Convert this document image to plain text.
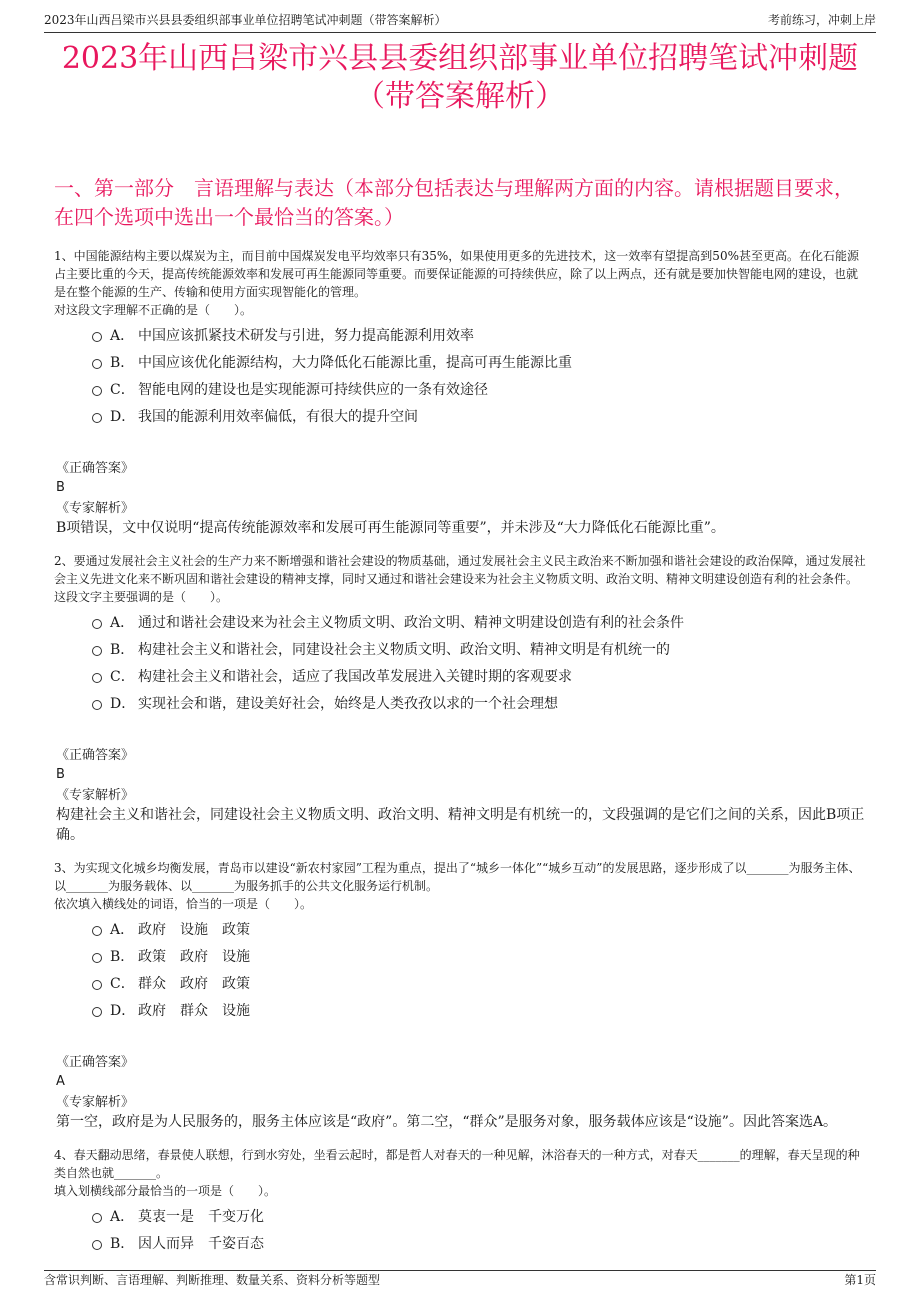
2023年山西吕梁市兴县县委组织部事业单位招聘笔试冲刺题（带答案解析）	考前练习，冲刺上岸
2023年山西吕梁市兴县县委组织部事业单位招聘笔试冲刺题（带答案解析）
一、第一部分　言语理解与表达（本部分包括表达与理解两方面的内容。请根据题目要求，在四个选项中选出一个最恰当的答案。）

1、中国能源结构主要以煤炭为主，而目前中国煤炭发电平均效率只有35%，如果使用更多的先进技术，这一效率有望提高到50%甚至更高。在化石能源占主要比重的今天，提高传统能源效率和发展可再生能源同等重要。而要保证能源的可持续供应，除了以上两点，还有就是要加快智能电网的建设，也就是在整个能源的生产、传输和使用方面实现智能化的管理。

对这段文字理解不正确的是（　　）。

A． 中国应该抓紧技术研发与引进，努力提高能源利用效率
B． 中国应该优化能源结构，大力降低化石能源比重，提高可再生能源比重
C． 智能电网的建设也是实现能源可持续供应的一条有效途径
D． 我国的能源利用效率偏低，有很大的提升空间

《正确答案》

B

《专家解析》

B项错误，文中仅说明“提高传统能源效率和发展可再生能源同等重要”，并未涉及“大力降低化石能源比重”。

2、要通过发展社会主义社会的生产力来不断增强和谐社会建设的物质基础，通过发展社会主义民主政治来不断加强和谐社会建设的政治保障，通过发展社会主义先进文化来不断巩固和谐社会建设的精神支撑，同时又通过和谐社会建设来为社会主义物质文明、政治文明、精神文明建设创造有利的社会条件。

这段文字主要强调的是（　　）。

A． 通过和谐社会建设来为社会主义物质文明、政治文明、精神文明建设创造有利的社会条件
B． 构建社会主义和谐社会，同建设社会主义物质文明、政治文明、精神文明是有机统一的
C． 构建社会主义和谐社会，适应了我国改革发展进入关键时期的客观要求
D． 实现社会和谐，建设美好社会，始终是人类孜孜以求的一个社会理想

《正确答案》

B

《专家解析》

构建社会主义和谐社会，同建设社会主义物质文明、政治文明、精神文明是有机统一的，文段强调的是它们之间的关系，因此B项正确。

3、为实现文化城乡均衡发展，青岛市以建设“新农村家园”工程为重点，提出了“城乡一体化”“城乡互动”的发展思路，逐步形成了以_______为服务主体、以_______为服务载体、以_______为服务抓手的公共文化服务运行机制。

依次填入横线处的词语，恰当的一项是（　　）。

A． 政府　设施　政策
B． 政策　政府　设施
C． 群众　政府　政策
D． 政府　群众　设施

《正确答案》

A

《专家解析》

第一空，政府是为人民服务的，服务主体应该是“政府”。第二空，“群众”是服务对象，服务载体应该是“设施”。因此答案选A。

4、春天翻动思绪，春景使人联想，行到水穷处，坐看云起时，都是哲人对春天的一种见解，沐浴春天的一种方式，对春天_______的理解，春天呈现的种类自然也就_______。

填入划横线部分最恰当的一项是（　　）。

A． 莫衷一是　千变万化
B． 因人而异　千姿百态
含常识判断、言语理解、判断推理、数量关系、资料分析等题型	第1页
